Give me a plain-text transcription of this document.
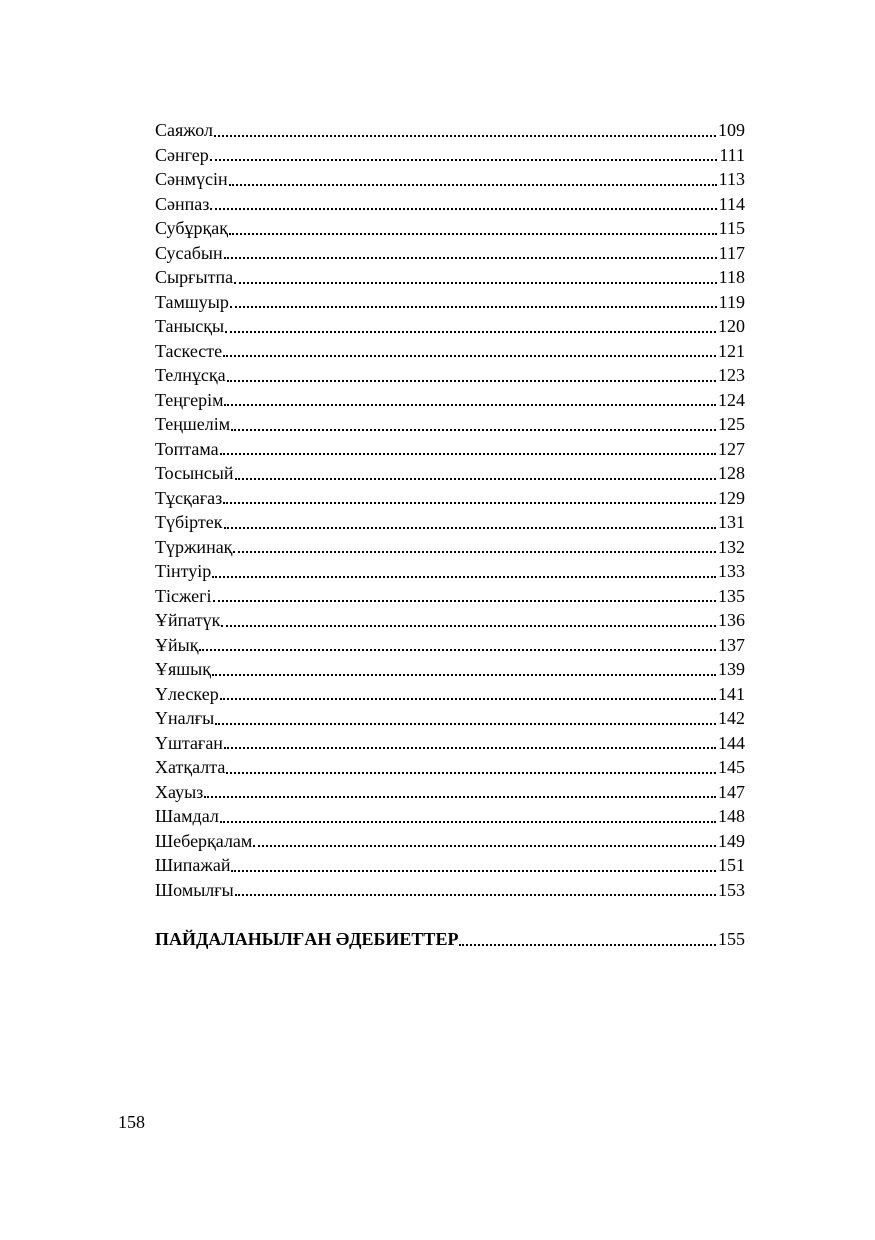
Саяжол	109
Сәнгер	111
Сәнмүсін	113
Сәнпаз	114
Субұрқақ	115
Сусабын	117
Сырғытпа	118
Тамшуыр	119
Танысқы	120
Таскесте	121
Телнұсқа	123
Теңгерім	124
Теңшелім	125
Топтама	127
Тосынсый	128
Тұсқағаз	129
Түбіртек	131
Түржинақ	132
Тінтуір	133
Тісжегі	135
Ұйпатүк	136
Ұйық	137
Ұяшық	139
Үлескер	141
Үналғы	142
Үштаған	144
Хатқалта	145
Хауыз	147
Шамдал	148
Шеберқалам	149
Шипажай	151
Шомылғы	153
ПАЙДАЛАНЫЛҒАН ӘДЕБИЕТТЕР	155
158
